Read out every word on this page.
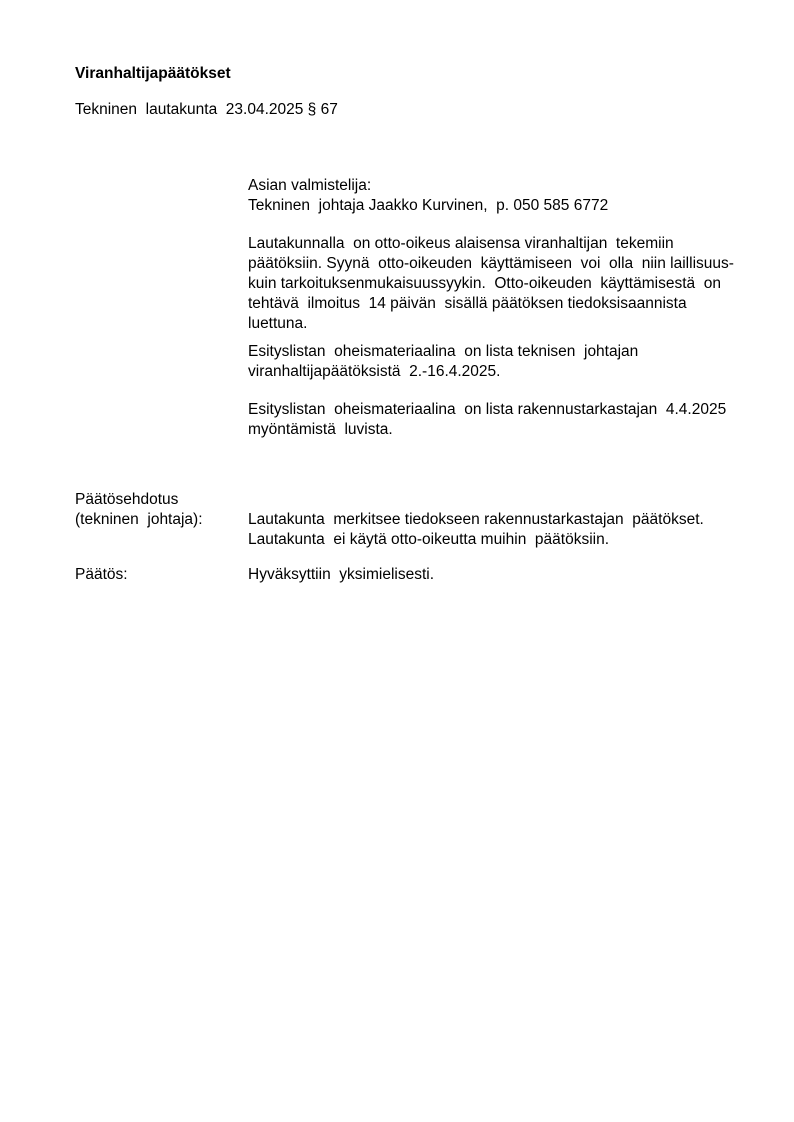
Viranhaltijapäätökset
Tekninen  lautakunta  23.04.2025 § 67
Asian valmistelija:
Tekninen  johtaja Jaakko Kurvinen,  p. 050 585 6772
Lautakunnalla  on otto-oikeus alaisensa viranhaltijan  tekemiin
päätöksiin. Syynä  otto-oikeuden  käyttämiseen  voi  olla  niin laillisuus-
kuin tarkoituksenmukaisuussyykin.  Otto-oikeuden  käyttämisestä  on
tehtävä  ilmoitus  14 päivän  sisällä päätöksen tiedoksisaannista
luettuna.
Esityslistan  oheismateriaalina  on lista teknisen  johtajan
viranhaltijapäätöksistä  2.-16.4.2025.
Esityslistan  oheismateriaalina  on lista rakennustarkastajan  4.4.2025
myöntämistä  luvista.
Päätösehdotus
(tekninen  johtaja):	Lautakunta  merkitsee tiedokseen rakennustarkastajan  päätökset.
Lautakunta  ei käytä otto-oikeutta muihin  päätöksiin.
Päätös:	Hyväksyttiin  yksimielisesti.
